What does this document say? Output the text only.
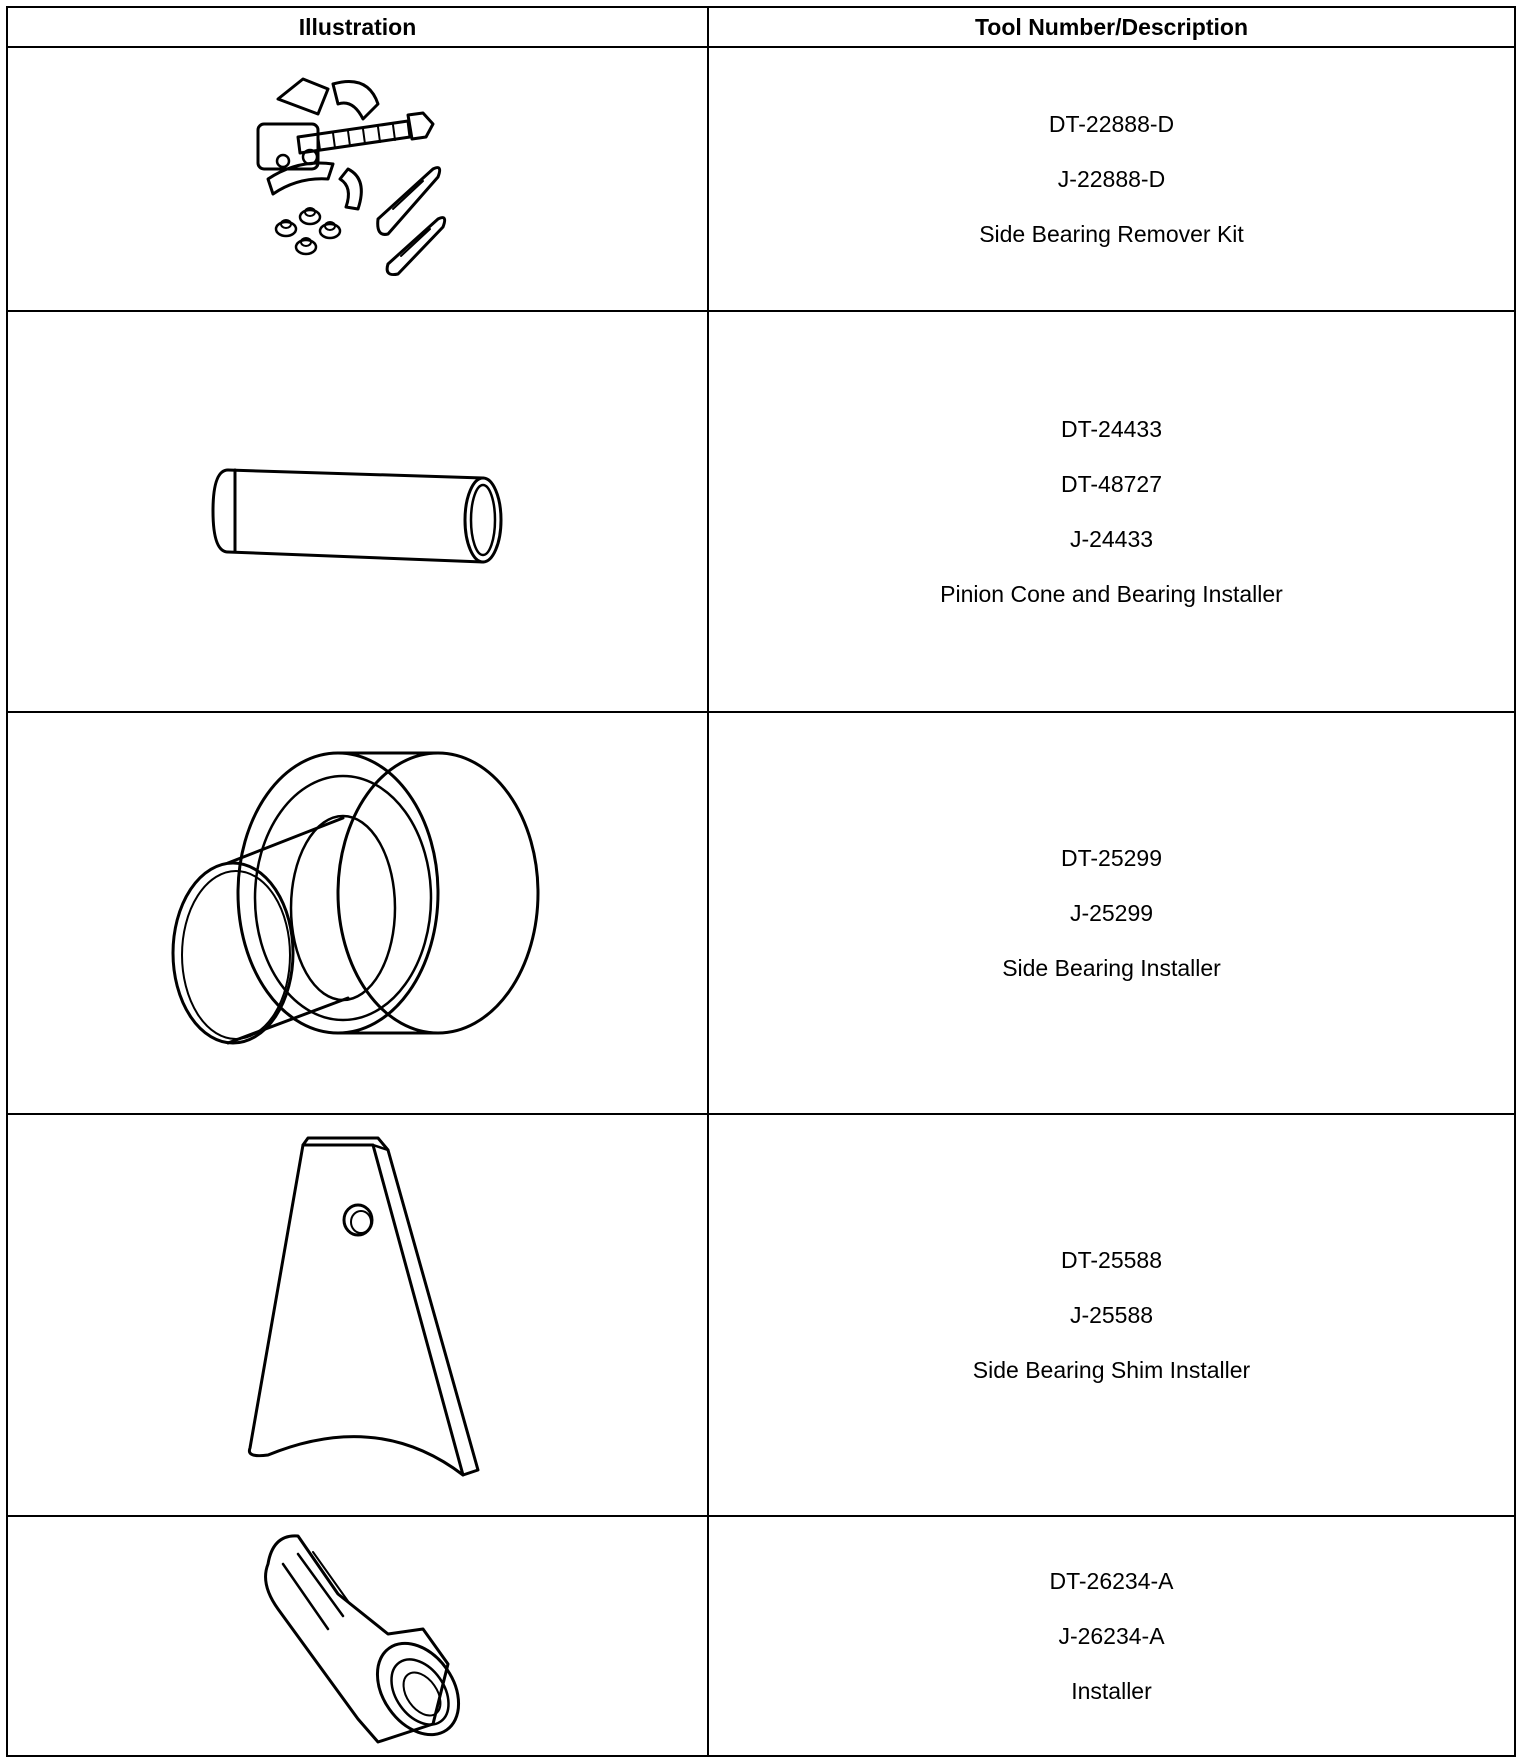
Illustration	Tool Number/Description

DT-22888-D
J-22888-D
Side Bearing Remover Kit

DT-24433
DT-48727
J-24433
Pinion Cone and Bearing Installer

DT-25299
J-25299
Side Bearing Installer

DT-25588
J-25588
Side Bearing Shim Installer

DT-26234-A
J-26234-A
Installer
